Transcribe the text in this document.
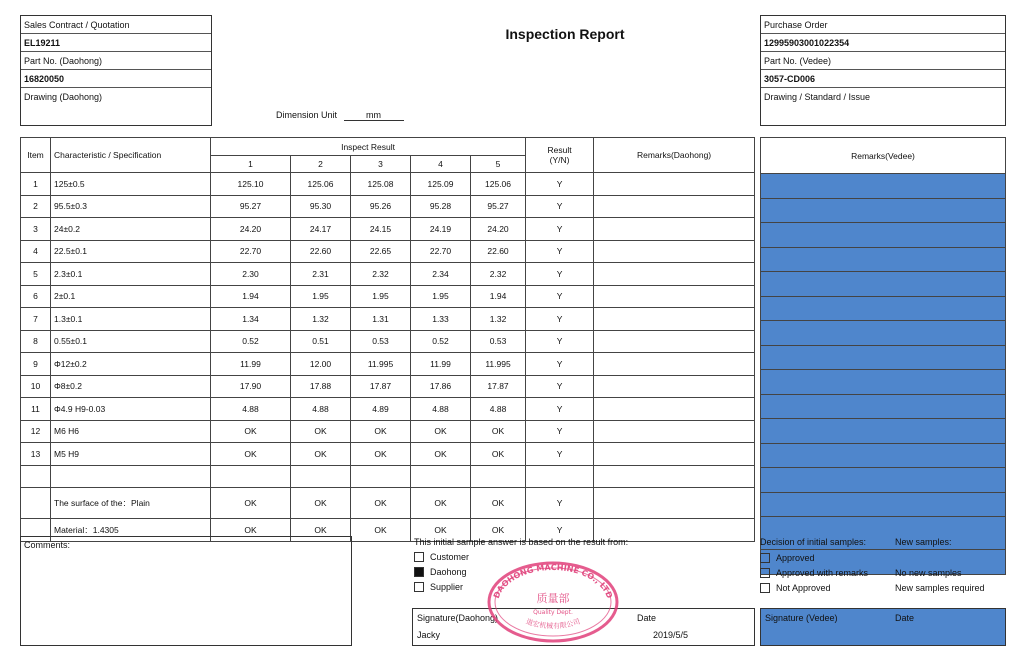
Sales Contract / Quotation
EL19211
Part No. (Daohong)
16820050
Drawing (Daohong)
Inspection Report
Dimension Unit	mm
Purchase Order
12995903001022354
Part No. (Vedee)
3057-CD006
Drawing / Standard / Issue
Item	Characteristic / Specification	Inspect Result					Result
(Y/N)	Remarks(Daohong)
		1	2	3	4	5		
1	125±0.5	125.10	125.06	125.08	125.09	125.06	Y	
2	95.5±0.3	95.27	95.30	95.26	95.28	95.27	Y	
3	24±0.2	24.20	24.17	24.15	24.19	24.20	Y	
4	22.5±0.1	22.70	22.60	22.65	22.70	22.60	Y	
5	2.3±0.1	2.30	2.31	2.32	2.34	2.32	Y	
6	2±0.1	1.94	1.95	1.95	1.95	1.94	Y	
7	1.3±0.1	1.34	1.32	1.31	1.33	1.32	Y	
8	0.55±0.1	0.52	0.51	0.53	0.52	0.53	Y	
9	Φ12±0.2	11.99	12.00	11.995	11.99	11.995	Y	
10	Φ8±0.2	17.90	17.88	17.87	17.86	17.87	Y	
11	Φ4.9 H9-0.03	4.88	4.88	4.89	4.88	4.88	Y	
12	M6 H6	OK	OK	OK	OK	OK	Y	
13	M5 H9	OK	OK	OK	OK	OK	Y	

	The surface of the：Plain	OK	OK	OK	OK	OK	Y	
	Material：1.4305	OK	OK	OK	OK	OK	Y	
Remarks(Vedee)

Comments:	This initial sample answer is based on the result from:
Customer
Daohong
Supplier
Signature(Daohong)
Jacky
Date
2019/5/5
DAOHONG MACHINE CO., LTD
质量部
Quality Dept.
道宏机械有限公司
Decision of initial samples:	New samples:
Approved
Approved with remarks	No new samples
Not Approved	New samples required
Signature (Vedee)	Date
